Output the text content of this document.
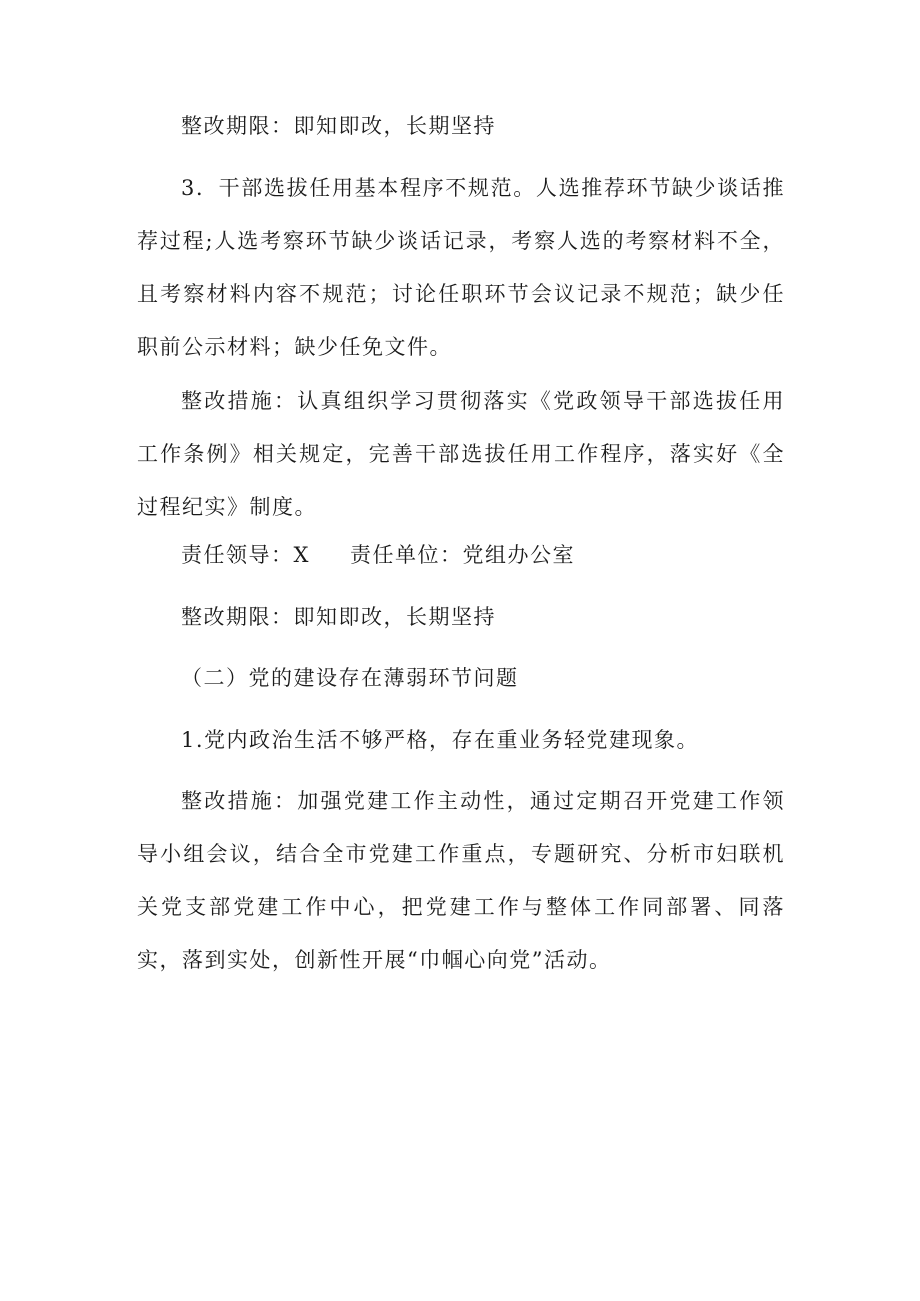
整改期限：即知即改，长期坚持

3．干部选拔任用基本程序不规范。人选推荐环节缺少谈话推荐过程;人选考察环节缺少谈话记录，考察人选的考察材料不全，且考察材料内容不规范；讨论任职环节会议记录不规范；缺少任职前公示材料；缺少任免文件。

整改措施：认真组织学习贯彻落实《党政领导干部选拔任用工作条例》相关规定，完善干部选拔任用工作程序，落实好《全过程纪实》制度。

责任领导：X 责任单位：党组办公室

整改期限：即知即改，长期坚持

（二）党的建设存在薄弱环节问题

1.党内政治生活不够严格，存在重业务轻党建现象。

整改措施：加强党建工作主动性，通过定期召开党建工作领导小组会议，结合全市党建工作重点，专题研究、分析市妇联机关党支部党建工作中心，把党建工作与整体工作同部署、同落实，落到实处，创新性开展“巾帼心向党”活动。
